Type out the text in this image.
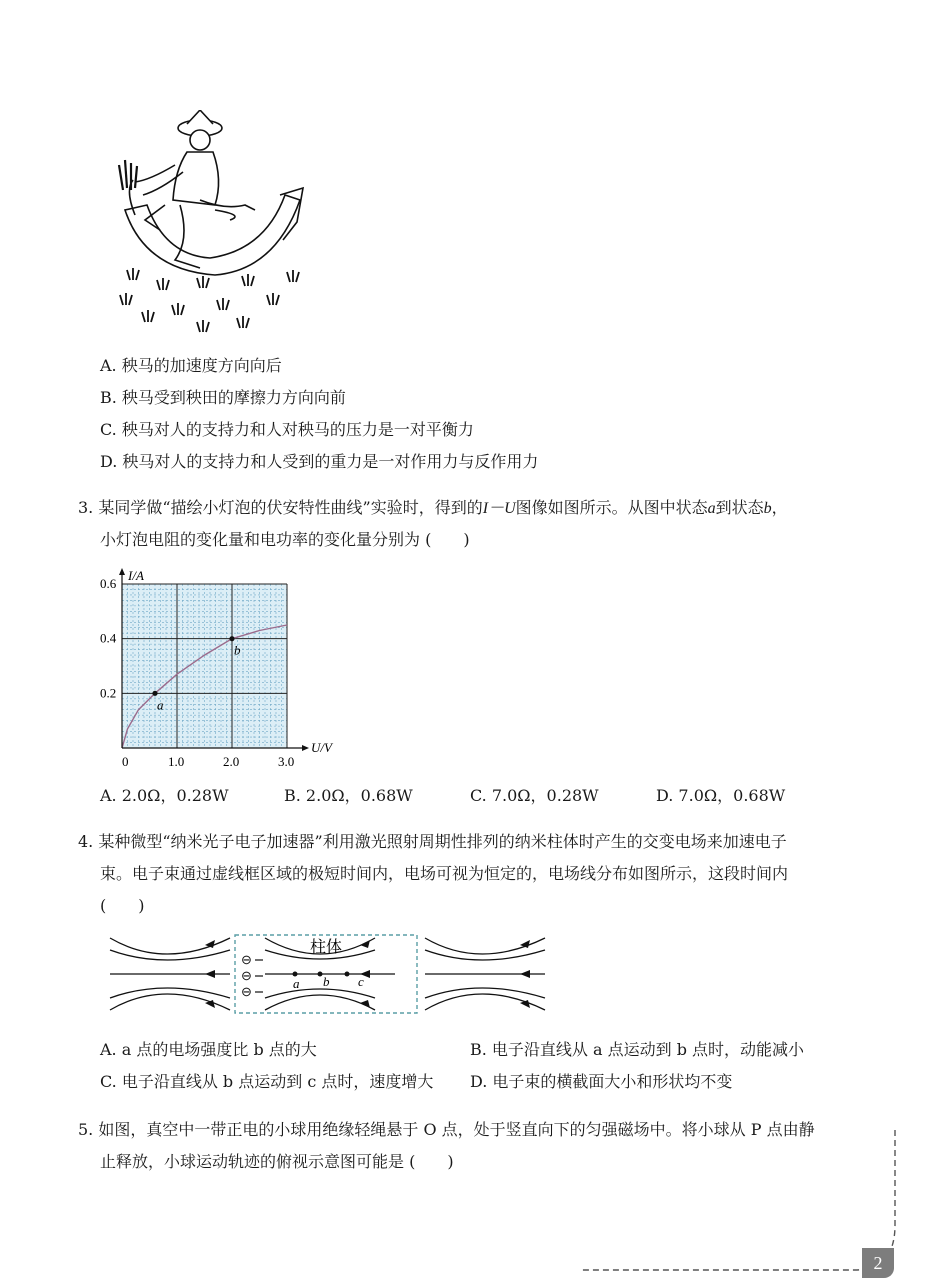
A. 秧马的加速度方向向后
B. 秧马受到秧田的摩擦力方向向前
C. 秧马对人的支持力和人对秧马的压力是一对平衡力
D. 秧马对人的支持力和人受到的重力是一对作用力与反作用力
3. 某同学做“描绘小灯泡的伏安特性曲线”实验时，得到的I－U图像如图所示。从图中状态a到状态b，
小灯泡电阻的变化量和电功率的变化量分别为 (　　)
0	1.0	2.0	3.0
0.2
0.4
0.6
U/V
I/A
a
b
A. 2.0Ω，0.28W	B. 2.0Ω，0.68W	C. 7.0Ω，0.28W	D. 7.0Ω，0.68W
4. 某种微型“纳米光子电子加速器”利用激光照射周期性排列的纳米柱体时产生的交变电场来加速电子
束。电子束通过虚线框区域的极短时间内，电场可视为恒定的，电场线分布如图所示，这段时间内
(　　)
⊖
⊖
⊖
柱体
a b c
A. a 点的电场强度比 b 点的大	B. 电子沿直线从 a 点运动到 b 点时，动能减小
C. 电子沿直线从 b 点运动到 c 点时，速度增大 D. 电子束的横截面大小和形状均不变
5. 如图，真空中一带正电的小球用绝缘轻绳悬于 O 点，处于竖直向下的匀强磁场中。将小球从 P 点由静
止释放，小球运动轨迹的俯视示意图可能是 (　　)
2
